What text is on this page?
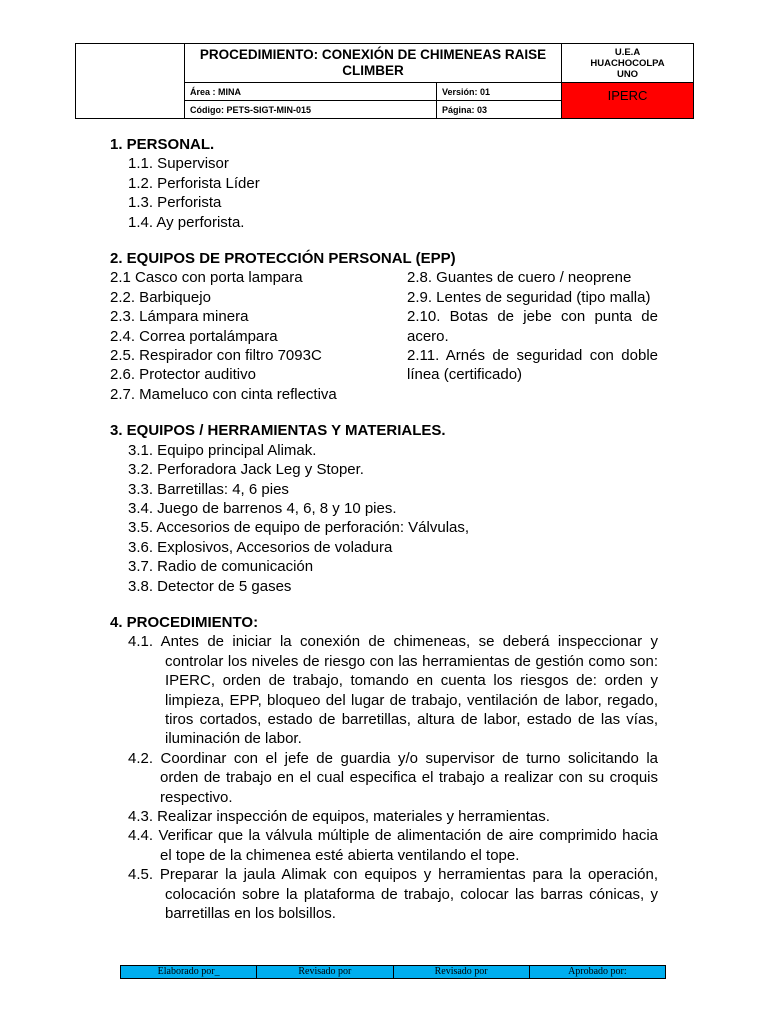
	PROCEDIMIENTO: CONEXIÓN DE CHIMENEAS RAISE CLIMBER		U.E.A
HUACHOCOLPA
UNO

	Área : MINA	Versión: 01	IPERC
	Código: PETS-SIGT-MIN-015	Página: 03	
1. PERSONAL.
1.1. Supervisor
1.2. Perforista Líder
1.3. Perforista
1.4. Ay perforista.
2. EQUIPOS DE PROTECCIÓN PERSONAL (EPP)
2.1 Casco con porta lampara
2.2. Barbiquejo
2.3. Lámpara minera
2.4. Correa portalámpara
2.5. Respirador con filtro 7093C
2.6. Protector auditivo
2.7. Mameluco con cinta reflectiva
2.8. Guantes de cuero / neoprene
2.9. Lentes de seguridad (tipo malla)
2.10. Botas de jebe con punta de acero.
2.11. Arnés de seguridad con doble línea (certificado)
3. EQUIPOS / HERRAMIENTAS Y MATERIALES.
3.1. Equipo principal Alimak.
3.2. Perforadora Jack Leg y Stoper.
3.3. Barretillas: 4, 6 pies
3.4. Juego de barrenos 4, 6, 8 y 10 pies.
3.5. Accesorios de equipo de perforación: Válvulas,
3.6. Explosivos, Accesorios de voladura
3.7. Radio de comunicación
3.8. Detector de 5 gases
4. PROCEDIMIENTO:
4.1. Antes de iniciar la conexión de chimeneas, se deberá inspeccionar y controlar los niveles de riesgo con las herramientas de gestión como son: IPERC, orden de trabajo, tomando en cuenta los riesgos de: orden y limpieza, EPP, bloqueo del lugar de trabajo, ventilación de labor, regado, tiros cortados, estado de barretillas, altura de labor, estado de las vías, iluminación de labor.
4.2. Coordinar con el jefe de guardia y/o supervisor de turno solicitando la orden de trabajo en el cual especifica el trabajo a realizar con su croquis respectivo.
4.3. Realizar inspección de equipos, materiales y herramientas.
4.4. Verificar que la válvula múltiple de alimentación de aire comprimido hacia el tope de la chimenea esté abierta ventilando el tope.
4.5. Preparar la jaula Alimak con equipos y herramientas para la operación, colocación sobre la plataforma de trabajo, colocar las barras cónicas, y barretillas en los bolsillos.
Elaborado por_	Revisado por	Revisado por	Aprobado por:
